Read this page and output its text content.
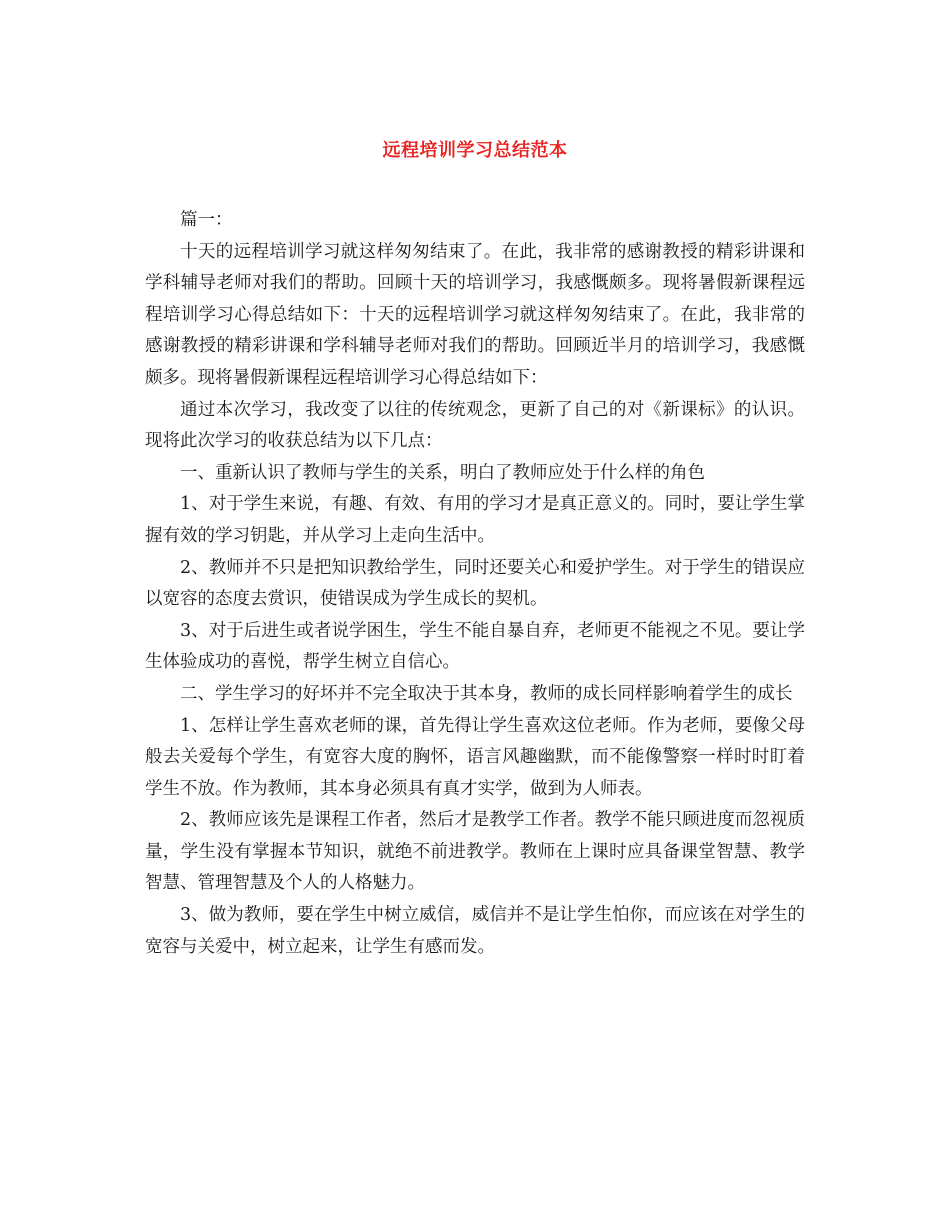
远程培训学习总结范本

篇一：

十天的远程培训学习就这样匆匆结束了。在此，我非常的感谢教授的精彩讲课和学科辅导老师对我们的帮助。回顾十天的培训学习，我感慨颇多。现将暑假新课程远程培训学习心得总结如下：十天的远程培训学习就这样匆匆结束了。在此，我非常的感谢教授的精彩讲课和学科辅导老师对我们的帮助。回顾近半月的培训学习，我感慨颇多。现将暑假新课程远程培训学习心得总结如下：

通过本次学习，我改变了以往的传统观念，更新了自己的对《新课标》的认识。现将此次学习的收获总结为以下几点：

一、重新认识了教师与学生的关系，明白了教师应处于什么样的角色

1、对于学生来说，有趣、有效、有用的学习才是真正意义的。同时，要让学生掌握有效的学习钥匙，并从学习上走向生活中。

2、教师并不只是把知识教给学生，同时还要关心和爱护学生。对于学生的错误应以宽容的态度去赏识，使错误成为学生成长的契机。

3、对于后进生或者说学困生，学生不能自暴自弃，老师更不能视之不见。要让学生体验成功的喜悦，帮学生树立自信心。

二、学生学习的好坏并不完全取决于其本身，教师的成长同样影响着学生的成长

1、怎样让学生喜欢老师的课，首先得让学生喜欢这位老师。作为老师，要像父母般去关爱每个学生，有宽容大度的胸怀，语言风趣幽默，而不能像警察一样时时盯着学生不放。作为教师，其本身必须具有真才实学，做到为人师表。

2、教师应该先是课程工作者，然后才是教学工作者。教学不能只顾进度而忽视质量，学生没有掌握本节知识，就绝不前进教学。教师在上课时应具备课堂智慧、教学智慧、管理智慧及个人的人格魅力。

3、做为教师，要在学生中树立威信，威信并不是让学生怕你，而应该在对学生的宽容与关爱中，树立起来，让学生有感而发。
